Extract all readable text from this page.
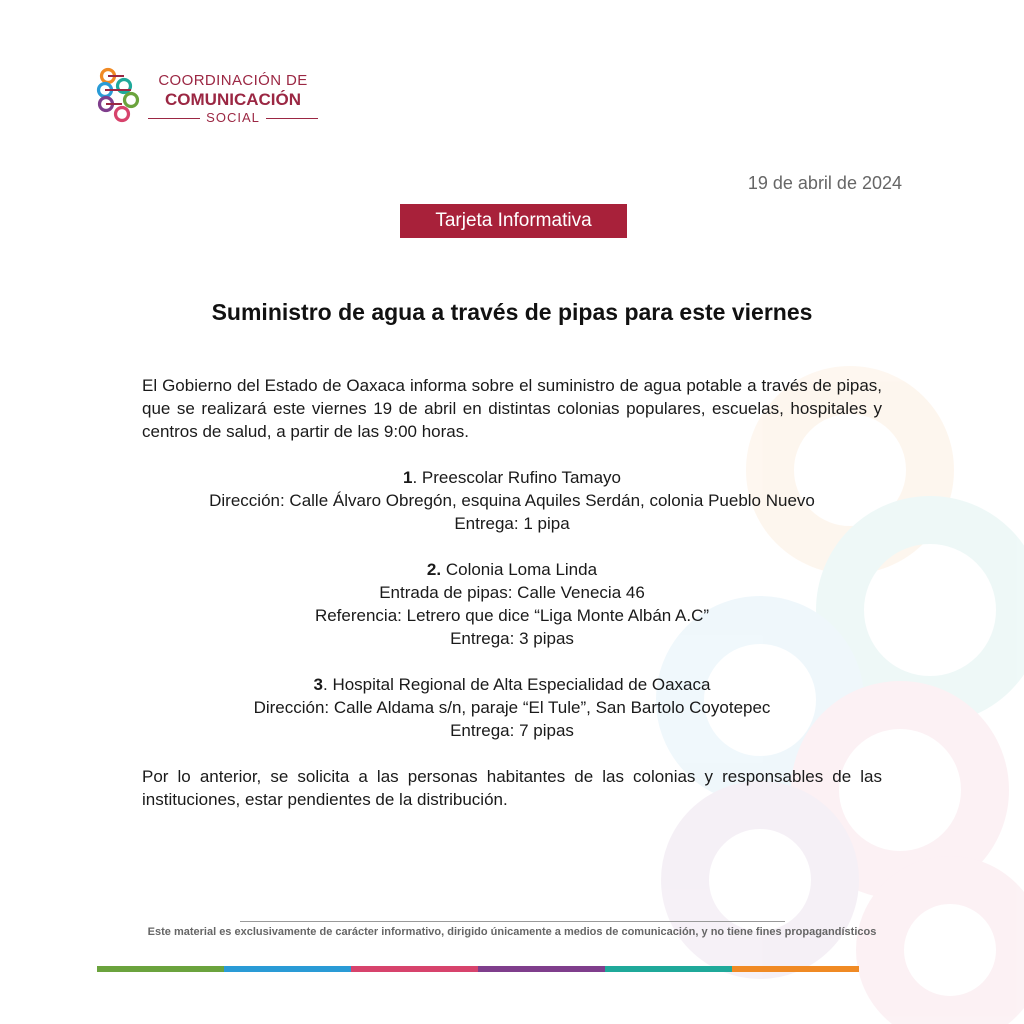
COORDINACIÓN DE
COMUNICACIÓN
SOCIAL
19 de abril de 2024
Tarjeta Informativa
Suministro de agua a través de pipas para este viernes

El Gobierno del Estado de Oaxaca informa sobre el suministro de agua potable a través de pipas, que se realizará este viernes 19 de abril en distintas colonias populares, escuelas, hospitales y centros de salud, a partir de las 9:00 horas.

1. Preescolar Rufino Tamayo
Dirección: Calle Álvaro Obregón, esquina Aquiles Serdán, colonia Pueblo Nuevo
Entrega: 1 pipa
2. Colonia Loma Linda
Entrada de pipas: Calle Venecia 46
Referencia: Letrero que dice “Liga Monte Albán A.C”
Entrega: 3 pipas
3. Hospital Regional de Alta Especialidad de Oaxaca
Dirección: Calle Aldama s/n, paraje “El Tule”, San Bartolo Coyotepec
Entrega: 7 pipas

Por lo anterior, se solicita a las personas habitantes de las colonias y responsables de las instituciones, estar pendientes de la distribución.

Este material es exclusivamente de carácter informativo, dirigido únicamente a medios de comunicación, y no tiene fines propagandísticos
